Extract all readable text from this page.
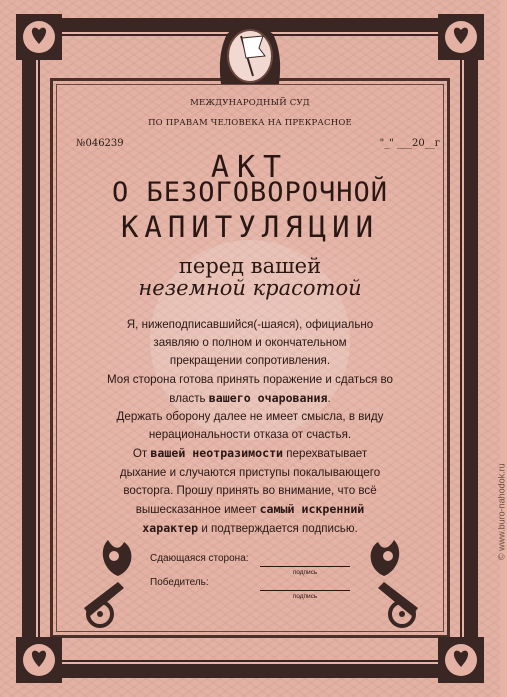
МЕЖДУНАРОДНЫЙ СУД
ПО ПРАВАМ ЧЕЛОВЕКА НА ПРЕКРАСНОЕ
№046239	"_" ___20__г
АКТ
О БЕЗОГОВОРОЧНОЙ
КАПИТУЛЯЦИИ
перед вашей
неземной красотой
Я, нижеподписавшийся(-шаяся), официально
заявляю о полном и окончательном
прекращении сопротивления.
Моя сторона готова принять поражение и сдаться во
власть вашего очарования.
Держать оборону далее не имеет смысла, в виду
нерациональности отказа от счастья.
От вашей неотразимости перехватывает
дыхание и случаются приступы покалывающего
восторга. Прошу принять во внимание, что всё
вышесказанное имеет самый искренний
характер и подтверждается подписью.
Сдающаяся сторона:
подпись
Победитель:
подпись
© www.buro-nahodok.ru
